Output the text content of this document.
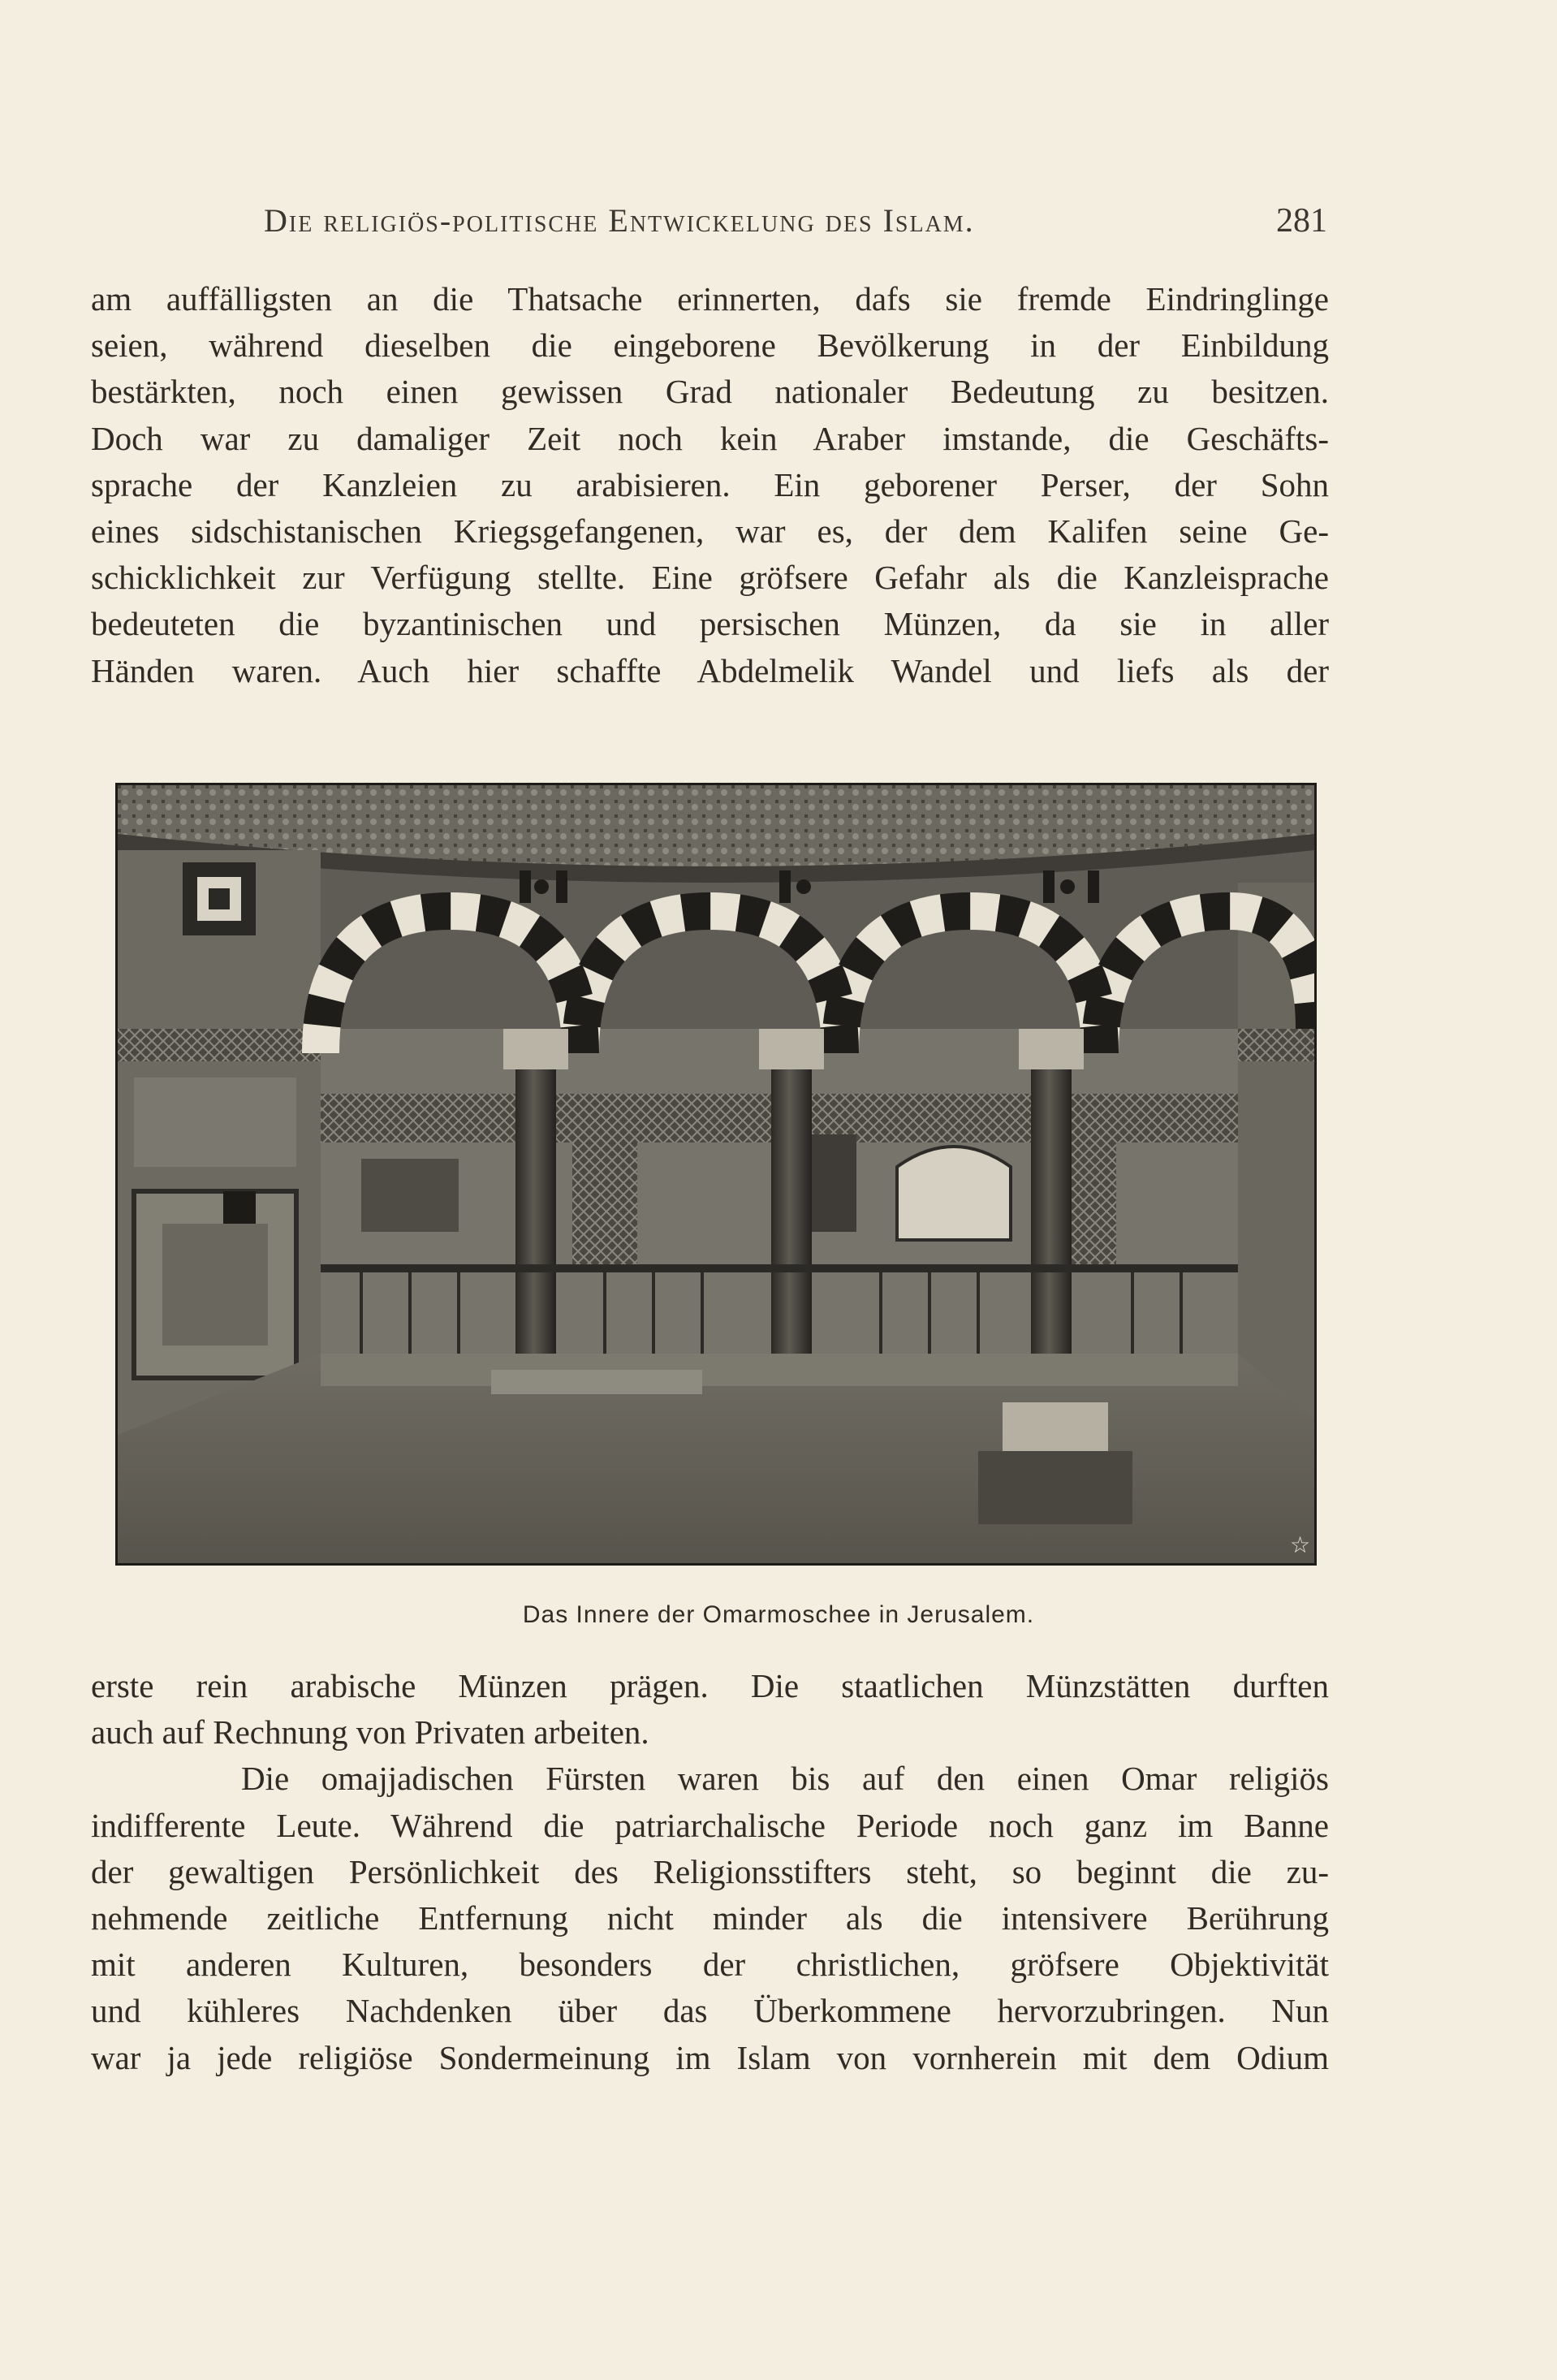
Die religiös-politische Entwickelung des Islam.	281
am auffälligsten an die Thatsache erinnerten, dafs sie fremde Eindringlinge
seien, während dieselben die eingeborene Bevölkerung in der Einbildung
bestärkten, noch einen gewissen Grad nationaler Bedeutung zu besitzen.
Doch war zu damaliger Zeit noch kein Araber imstande, die Geschäfts-
sprache der Kanzleien zu arabisieren. Ein geborener Perser, der Sohn
eines sidschistanischen Kriegsgefangenen, war es, der dem Kalifen seine Ge-
schicklichkeit zur Verfügung stellte. Eine gröfsere Gefahr als die Kanzleisprache
bedeuteten die byzantinischen und persischen Münzen, da sie in aller
Händen waren. Auch hier schaffte Abdelmelik Wandel und liefs als der
☆
Das Innere der Omarmoschee in Jerusalem.
erste rein arabische Münzen prägen. Die staatlichen Münzstätten durften
auch auf Rechnung von Privaten arbeiten.
Die omajjadischen Fürsten waren bis auf den einen Omar religiös
indifferente Leute. Während die patriarchalische Periode noch ganz im Banne
der gewaltigen Persönlichkeit des Religionsstifters steht, so beginnt die zu-
nehmende zeitliche Entfernung nicht minder als die intensivere Berührung
mit anderen Kulturen, besonders der christlichen, gröfsere Objektivität
und kühleres Nachdenken über das Überkommene hervorzubringen. Nun
war ja jede religiöse Sondermeinung im Islam von vornherein mit dem Odium
